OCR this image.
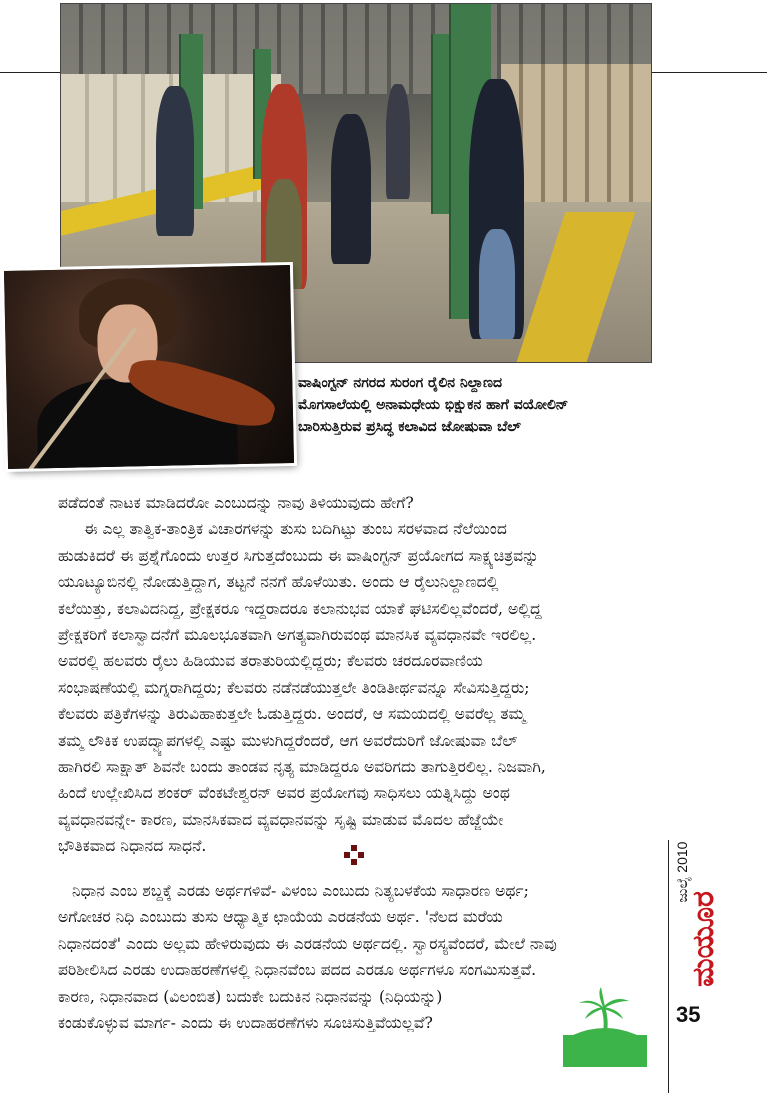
ವಾಷಿಂಗ್ಟನ್ ನಗರದ ಸುರಂಗ ರೈಲಿನ ನಿಲ್ದಾಣದ

ಮೊಗಸಾಲೆಯಲ್ಲಿ ಅನಾಮಧೇಯ ಭಿಕ್ಷುಕನ ಹಾಗೆ ವಯೋಲಿನ್

ಬಾರಿಸುತ್ತಿರುವ ಪ್ರಸಿದ್ಧ ಕಲಾವಿದ ಜೋಷುವಾ ಬೆಲ್

ಪಡೆದಂತೆ ನಾಟಕ ಮಾಡಿದರೋ ಎಂಬುದನ್ನು ನಾವು ತಿಳಿಯುವುದು ಹೇಗೆ?

ಈ ಎಲ್ಲ ತಾತ್ವಿಕ-ತಾಂತ್ರಿಕ ವಿಚಾರಗಳನ್ನು ತುಸು ಬದಿಗಿಟ್ಟು ತುಂಬ ಸರಳವಾದ ನೆಲೆಯಿಂದ

ಹುಡುಕಿದರೆ ಈ ಪ್ರಶ್ನೆಗೊಂದು ಉತ್ತರ ಸಿಗುತ್ತದೆಂಬುದು ಈ ವಾಷಿಂಗ್ಟನ್ ಪ್ರಯೋಗದ ಸಾಕ್ಷ್ಯಚಿತ್ರವನ್ನು

ಯೂಟ್ಯೂಬಿನಲ್ಲಿ ನೋಡುತ್ತಿದ್ದಾಗ, ತಟ್ಟನೆ ನನಗೆ ಹೊಳೆಯಿತು. ಅಂದು ಆ ರೈಲುನಿಲ್ದಾಣದಲ್ಲಿ

ಕಲೆಯಿತ್ತು, ಕಲಾವಿದನಿದ್ದ, ಪ್ರೇಕ್ಷಕರೂ ಇದ್ದರಾದರೂ ಕಲಾನುಭವ ಯಾಕೆ ಘಟಿಸಲಿಲ್ಲವೆಂದರೆ, ಅಲ್ಲಿದ್ದ

ಪ್ರೇಕ್ಷಕರಿಗೆ ಕಲಾಸ್ವಾದನೆಗೆ ಮೂಲಭೂತವಾಗಿ ಅಗತ್ಯವಾಗಿರುವಂಥ ಮಾನಸಿಕ ವ್ಯವಧಾನವೇ ಇರಲಿಲ್ಲ.

ಅವರಲ್ಲಿ ಹಲವರು ರೈಲು ಹಿಡಿಯುವ ತರಾತುರಿಯಲ್ಲಿದ್ದರು; ಕೆಲವರು ಚರದೂರವಾಣಿಯ

ಸಂಭಾಷಣೆಯಲ್ಲಿ ಮಗ್ನರಾಗಿದ್ದರು; ಕೆಲವರು ನಡೆನಡೆಯುತ್ತಲೇ ತಿಂಡಿತೀರ್ಥವನ್ನೂ ಸೇವಿಸುತ್ತಿದ್ದರು;

ಕೆಲವರು ಪತ್ರಿಕೆಗಳನ್ನು ತಿರುವಿಹಾಕುತ್ತಲೇ ಓಡುತ್ತಿದ್ದರು. ಅಂದರೆ, ಆ ಸಮಯದಲ್ಲಿ ಅವರೆಲ್ಲ ತಮ್ಮ

ತಮ್ಮ ಲೌಕಿಕ ಉಪದ್ವ್ಯಾಪಗಳಲ್ಲಿ ಎಷ್ಟು ಮುಳುಗಿದ್ದರೆಂದರೆ, ಆಗ ಅವರೆದುರಿಗೆ ಜೋಷುವಾ ಬೆಲ್

ಹಾಗಿರಲಿ ಸಾಕ್ಷಾತ್ ಶಿವನೇ ಬಂದು ತಾಂಡವ ನೃತ್ಯ ಮಾಡಿದ್ದರೂ ಅವರಿಗದು ತಾಗುತ್ತಿರಲಿಲ್ಲ. ನಿಜವಾಗಿ,

ಹಿಂದೆ ಉಲ್ಲೇಖಿಸಿದ ಶಂಕರ್ ವೆಂಕಟೇಶ್ವರನ್ ಅವರ ಪ್ರಯೋಗವು ಸಾಧಿಸಲು ಯತ್ನಿಸಿದ್ದು ಅಂಥ

ವ್ಯವಧಾನವನ್ನೇ- ಕಾರಣ, ಮಾನಸಿಕವಾದ ವ್ಯವಧಾನವನ್ನು ಸೃಷ್ಟಿ ಮಾಡುವ ಮೊದಲ ಹೆಜ್ಜೆಯೇ

ಭೌತಿಕವಾದ ನಿಧಾನದ ಸಾಧನೆ.

ನಿಧಾನ ಎಂಬ ಶಬ್ದಕ್ಕೆ ಎರಡು ಅರ್ಥಗಳಿವೆ- ವಿಳಂಬ ಎಂಬುದು ನಿತ್ಯಬಳಕೆಯ ಸಾಧಾರಣ ಅರ್ಥ;

ಅಗೋಚರ ನಿಧಿ ಎಂಬುದು ತುಸು ಆಧ್ಯಾತ್ಮಿಕ ಛಾಯೆಯ ಎರಡನೆಯ ಅರ್ಥ. 'ನೆಲದ ಮರೆಯ

ನಿಧಾನದಂತೆ' ಎಂದು ಅಲ್ಲಮ ಹೇಳಿರುವುದು ಈ ಎರಡನೆಯ ಅರ್ಥದಲ್ಲಿ. ಸ್ವಾರಸ್ಯವೆಂದರೆ, ಮೇಲೆ ನಾವು

ಪರಿಶೀಲಿಸಿದ ಎರಡು ಉದಾಹರಣೆಗಳಲ್ಲಿ ನಿಧಾನವೆಂಬ ಪದದ ಎರಡೂ ಅರ್ಥಗಳೂ ಸಂಗಮಿಸುತ್ತವೆ.

ಕಾರಣ, ನಿಧಾನವಾದ (ವಿಲಂಬಿತ) ಬದುಕೇ ಬದುಕಿನ ನಿಧಾನವನ್ನು (ನಿಧಿಯನ್ನು)

ಕಂಡುಕೊಳ್ಳುವ ಮಾರ್ಗ- ಎಂದು ಈ ಉದಾಹರಣೆಗಳು ಸೂಚಿಸುತ್ತಿವೆಯಲ್ಲವೆ?

ಜುಲೈ 2010
ಮಯೂರ
35
